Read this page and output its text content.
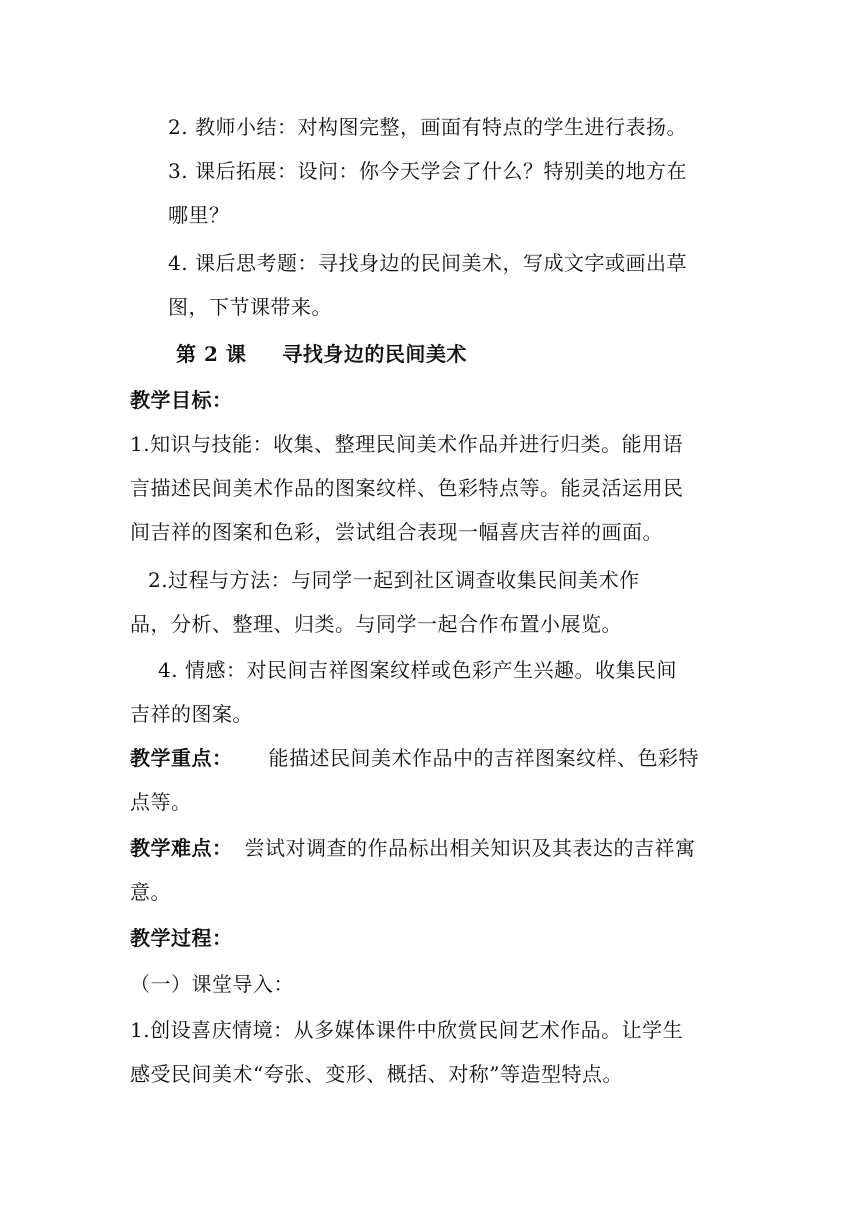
2. 教师小结：对构图完整，画面有特点的学生进行表扬。
3. 课后拓展：设问：你今天学会了什么？特别美的地方在
哪里？
4. 课后思考题：寻找身边的民间美术，写成文字或画出草
图，下节课带来。
第 2 课 寻找身边的民间美术
教学目标：
1.知识与技能：收集、整理民间美术作品并进行归类。能用语
言描述民间美术作品的图案纹样、色彩特点等。能灵活运用民
间吉祥的图案和色彩，尝试组合表现一幅喜庆吉祥的画面。
2.过程与方法：与同学一起到社区调查收集民间美术作
品，分析、整理、归类。与同学一起合作布置小展览。
4. 情感：对民间吉祥图案纹样或色彩产生兴趣。收集民间
吉祥的图案。
教学重点： 能描述民间美术作品中的吉祥图案纹样、色彩特
点等。
教学难点： 尝试对调查的作品标出相关知识及其表达的吉祥寓
意。
教学过程：
（一）课堂导入：
1.创设喜庆情境：从多媒体课件中欣赏民间艺术作品。让学生
感受民间美术“夸张、变形、概括、对称”等造型特点。
